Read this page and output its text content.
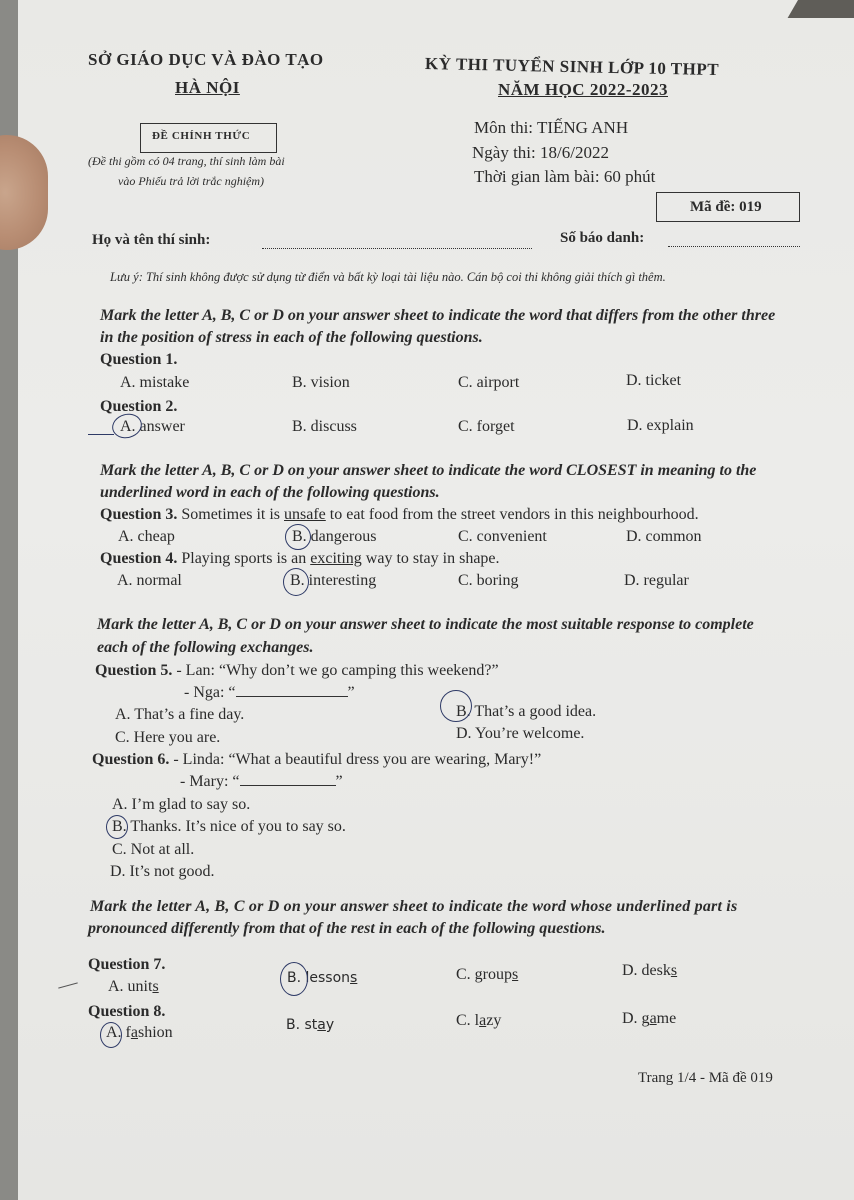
SỞ GIÁO DỤC VÀ ĐÀO TẠO
HÀ NỘI
KỲ THI TUYỂN SINH LỚP 10 THPT
NĂM HỌC 2022-2023
ĐỀ CHÍNH THỨC
(Đề thi gồm có 04 trang, thí sinh làm bài
vào Phiếu trả lời trắc nghiệm)
Môn thi: TIẾNG ANH
Ngày thi: 18/6/2022
Thời gian làm bài: 60 phút
Mã đề: 019
Họ và tên thí sinh:	Số báo danh:
Lưu ý: Thí sinh không được sử dụng từ điển và bất kỳ loại tài liệu nào. Cán bộ coi thi không giải thích gì thêm.
Mark the letter A, B, C or D on your answer sheet to indicate the word that differs from the other three
in the position of stress in each of the following questions.
Question 1.
A. mistake	B. vision	C. airport	D. ticket
Question 2.
A. answer	B. discuss	C. forget	D. explain
Mark the letter A, B, C or D on your answer sheet to indicate the word CLOSEST in meaning to the
underlined word in each of the following questions.
Question 3. Sometimes it is unsafe to eat food from the street vendors in this neighbourhood.
A. cheap	B. dangerous	C. convenient	D. common
Question 4. Playing sports is an exciting way to stay in shape.
A. normal	B. interesting	C. boring	D. regular
Mark the letter A, B, C or D on your answer sheet to indicate the most suitable response to complete
each of the following exchanges.
Question 5. - Lan: “Why don’t we go camping this weekend?”
- Nga: “	”
A. That’s a fine day.	B. That’s a good idea.
C. Here you are.	D. You’re welcome.
Question 6. - Linda: “What a beautiful dress you are wearing, Mary!”
- Mary: “	”
A. I’m glad to say so.
B. Thanks. It’s nice of you to say so.
C. Not at all.
D. It’s not good.
Mark the letter A, B, C or D on your answer sheet to indicate the word whose underlined part is
pronounced differently from that of the rest in each of the following questions.
Question 7.
A. units	B. lessons	C. groups	D. desks
Question 8.
A. fashion	B. stay	C. lazy	D. game
Trang 1/4 - Mã đề 019
